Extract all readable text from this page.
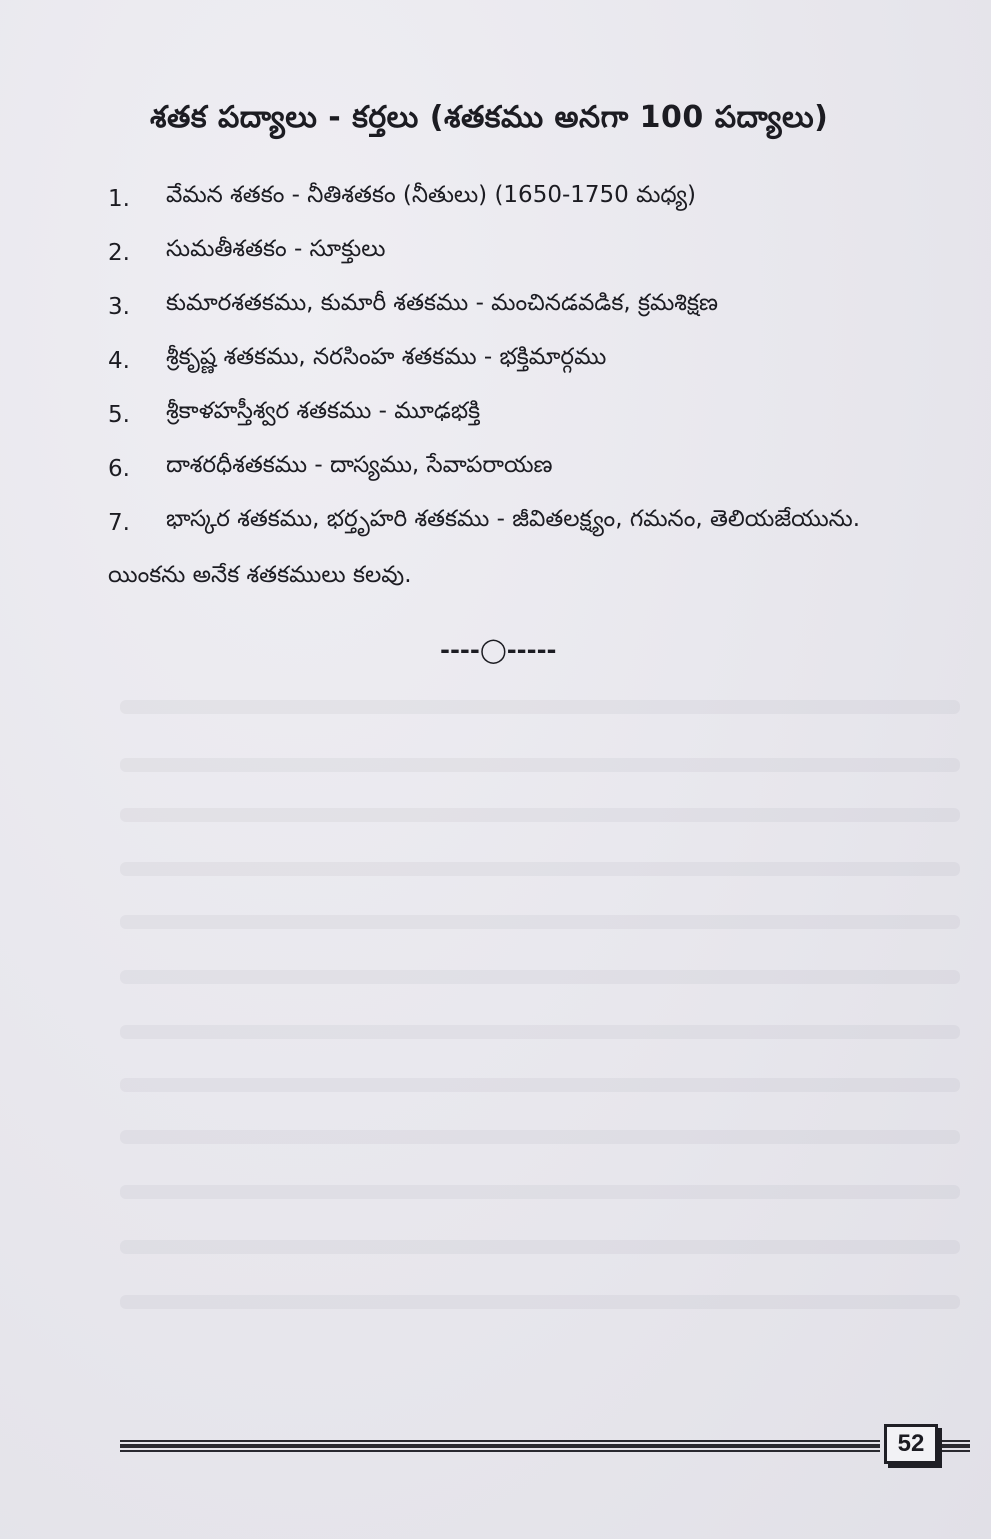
శతక పద్యాలు - కర్తలు (శతకము అనగా 100 పద్యాలు)
1.	వేమన శతకం - నీతిశతకం (నీతులు) (1650-1750 మధ్య)
2.	సుమతీశతకం - సూక్తులు
3.	కుమారశతకము, కుమారీ శతకము - మంచినడవడిక, క్రమశిక్షణ
4.	శ్రీకృష్ణ శతకము, నరసింహ శతకము - భక్తిమార్గము
5.	శ్రీకాళహస్తీశ్వర శతకము - మూఢభక్తి
6.	దాశరధీశతకము - దాస్యము, సేవాపరాయణ
7.	భాస్కర శతకము, భర్తృహరి శతకము - జీవితలక్ష్యం, గమనం, తెలియజేయును.
యింకను అనేక శతకములు కలవు.
----◯-----
52
